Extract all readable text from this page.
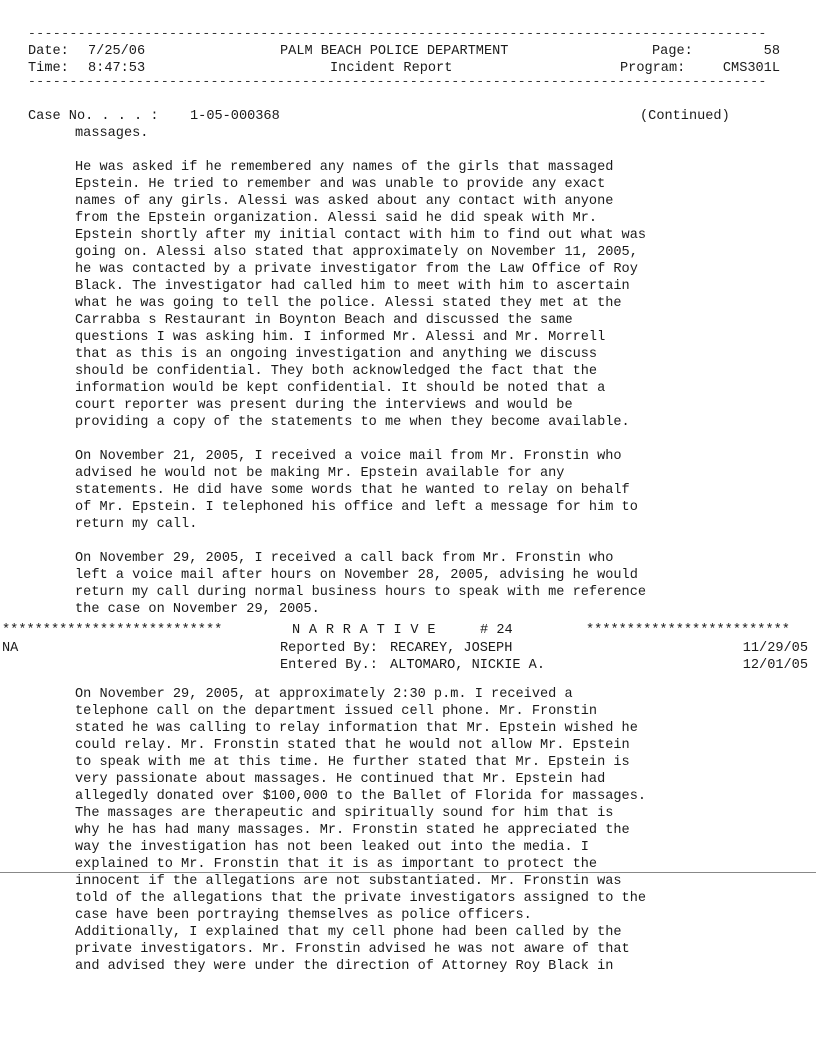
-----------------------------------------------------------------------------------------
-----------------------------------------------------------------------------------------
Date: 7/25/06	PALM BEACH POLICE DEPARTMENT	Page:	58
Time: 8:47:53	Incident Report	Program:	CMS301L
Case No. . . . : 1-05-000368	(Continued)
massages.
He was asked if he remembered any names of the girls that massaged
Epstein. He tried to remember and was unable to provide any exact
names of any girls. Alessi was asked about any contact with anyone
from the Epstein organization. Alessi said he did speak with Mr.
Epstein shortly after my initial contact with him to find out what was
going on. Alessi also stated that approximately on November 11, 2005,
he was contacted by a private investigator from the Law Office of Roy
Black. The investigator had called him to meet with him to ascertain
what he was going to tell the police. Alessi stated they met at the
Carrabba s Restaurant in Boynton Beach and discussed the same
questions I was asking him. I informed Mr. Alessi and Mr. Morrell
that as this is an ongoing investigation and anything we discuss
should be confidential. They both acknowledged the fact that the
information would be kept confidential. It should be noted that a
court reporter was present during the interviews and would be
providing a copy of the statements to me when they become available.
On November 21, 2005, I received a voice mail from Mr. Fronstin who
advised he would not be making Mr. Epstein available for any
statements. He did have some words that he wanted to relay on behalf
of Mr. Epstein. I telephoned his office and left a message for him to
return my call.
On November 29, 2005, I received a call back from Mr. Fronstin who
left a voice mail after hours on November 28, 2005, advising he would
return my call during normal business hours to speak with me reference
the case on November 29, 2005.
***************************	N A R R A T I V E	# 24	*************************
NA	Reported By: RECAREY, JOSEPH	11/29/05
Entered By.: ALTOMARO, NICKIE A.	12/01/05
On November 29, 2005, at approximately 2:30 p.m. I received a
telephone call on the department issued cell phone. Mr. Fronstin
stated he was calling to relay information that Mr. Epstein wished he
could relay. Mr. Fronstin stated that he would not allow Mr. Epstein
to speak with me at this time. He further stated that Mr. Epstein is
very passionate about massages. He continued that Mr. Epstein had
allegedly donated over $100,000 to the Ballet of Florida for massages.
The massages are therapeutic and spiritually sound for him that is
why he has had many massages. Mr. Fronstin stated he appreciated the
way the investigation has not been leaked out into the media. I
explained to Mr. Fronstin that it is as important to protect the
innocent if the allegations are not substantiated. Mr. Fronstin was
told of the allegations that the private investigators assigned to the
case have been portraying themselves as police officers.
Additionally, I explained that my cell phone had been called by the
private investigators. Mr. Fronstin advised he was not aware of that
and advised they were under the direction of Attorney Roy Black in
